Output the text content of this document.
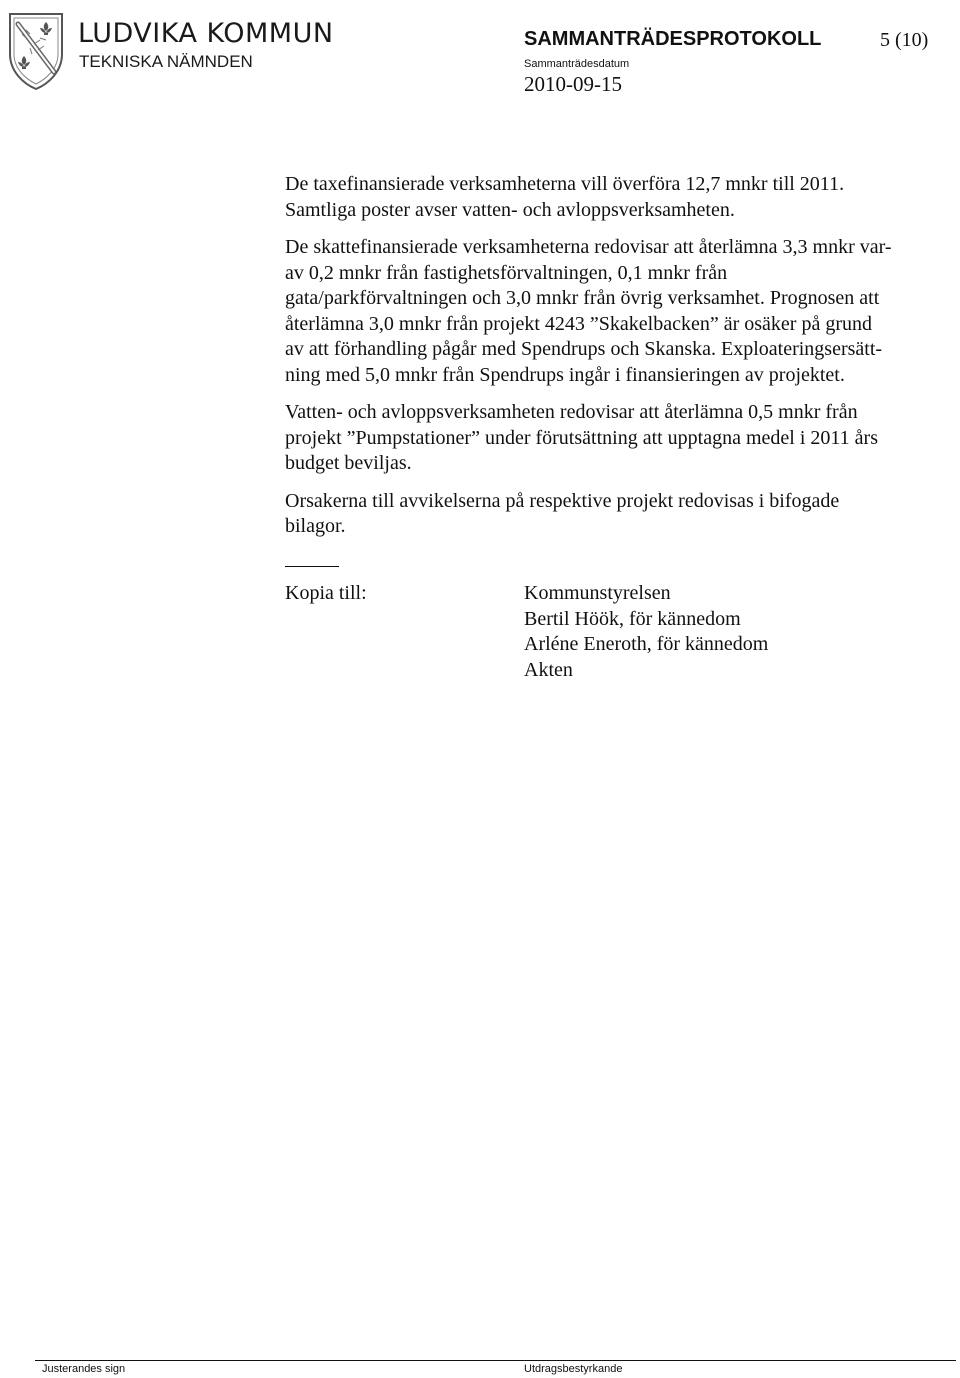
LUDVIKA KOMMUN
TEKNISKA NÄMNDEN
SAMMANTRÄDESPROTOKOLL	5 (10)
Sammanträdesdatum
2010-09-15

De taxefinansierade verksamheterna vill överföra 12,7 mnkr till 2011.
Samtliga poster avser vatten- och avloppsverksamheten.

De skattefinansierade verksamheterna redovisar att återlämna 3,3 mnkr var-
av 0,2 mnkr från fastighetsförvaltningen, 0,1 mnkr från
gata/parkförvaltningen och 3,0 mnkr från övrig verksamhet. Prognosen att
återlämna 3,0 mnkr från projekt 4243 ”Skakelbacken” är osäker på grund
av att förhandling pågår med Spendrups och Skanska. Exploateringsersätt-
ning med 5,0 mnkr från Spendrups ingår i finansieringen av projektet.

Vatten- och avloppsverksamheten redovisar att återlämna 0,5 mnkr från
projekt ”Pumpstationer” under förutsättning att upptagna medel i 2011 års
budget beviljas.

Orsakerna till avvikelserna på respektive projekt redovisas i bifogade
bilagor.

Kopia till:	Kommunstyrelsen
Bertil Höök, för kännedom
Arléne Eneroth, för kännedom
Akten
Justerandes sign	Utdragsbestyrkande
